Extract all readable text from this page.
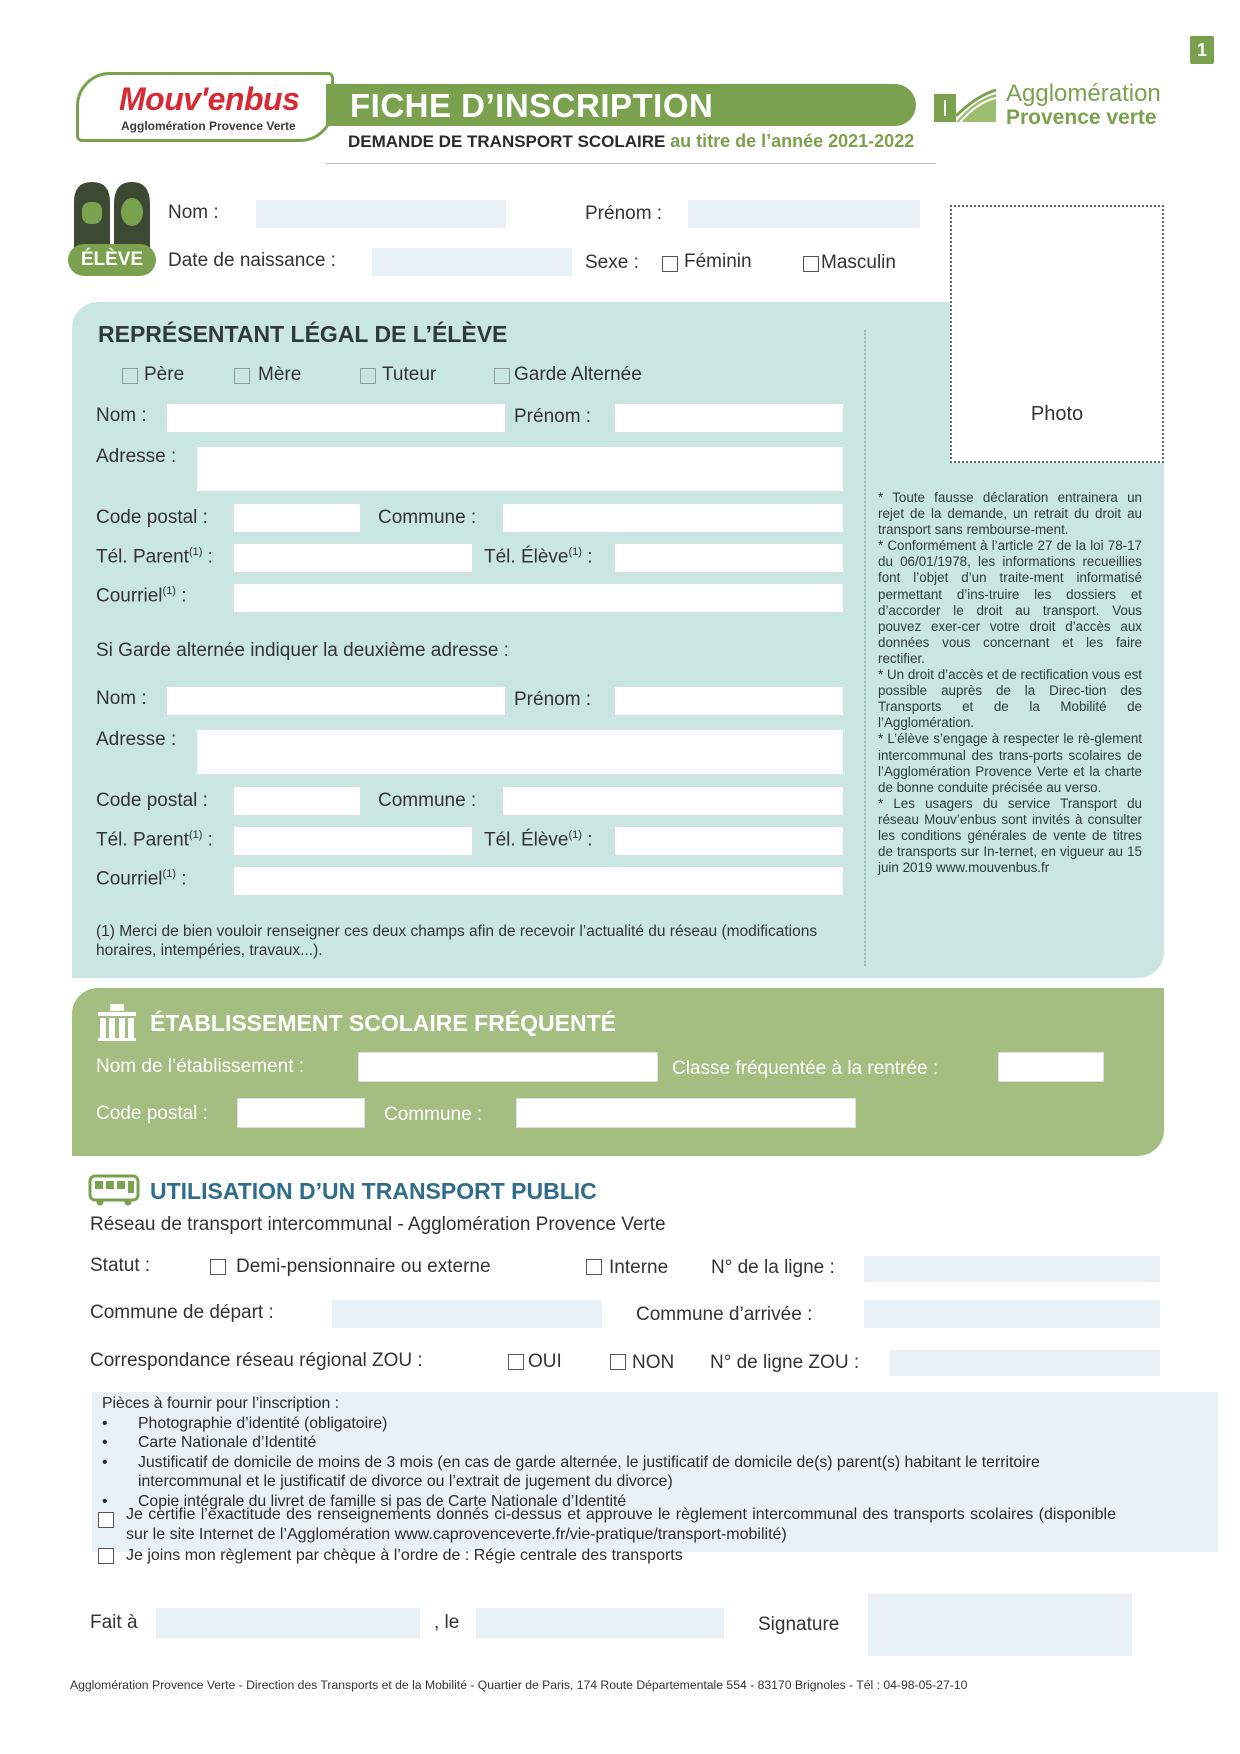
1
Mouv'enbus
Agglomération Provence Verte
FICHE D’INSCRIPTION
DEMANDE DE TRANSPORT SCOLAIRE au titre de l’année 2021-2022
Agglomération
Provence verte
ÉLÈVE
Nom :	Prénom :
Date de naissance :	Sexe : Féminin	Masculin
Photo
REPRÉSENTANT LÉGAL DE L’ÉLÈVE
Père	Mère	Tuteur	Garde Alternée
Nom :	Prénom :
Adresse :
Code postal :	Commune :
Tél. Parent$^{(1)}$ :	Tél. Élève$^{(1)}$ :
Courriel$^{(1)}$ :
Si Garde alternée indiquer la deuxième adresse :
Nom :	Prénom :
Adresse :
Code postal :	Commune :
Tél. Parent$^{(1)}$ :	Tél. Élève$^{(1)}$ :
Courriel$^{(1)}$ :
(1) Merci de bien vouloir renseigner ces deux champs afin de recevoir l’actualité du réseau (modifications horaires, intempéries, travaux...).

* Toute fausse déclaration entrainera un rejet de la demande, un retrait du droit au transport sans rembourse-ment.

* Conformément à l’article 27 de la loi 78-17 du 06/01/1978, les informations recueillies font l’objet d’un traite-ment informatisé permettant d’ins-truire les dossiers et d’accorder le droit au transport. Vous pouvez exer-cer votre droit d’accès aux données vous concernant et les faire rectifier.

* Un droit d’accès et de rectification vous est possible auprès de la Direc-tion des Transports et de la Mobilité de l’Agglomération.

* L’élève s’engage à respecter le rè-glement intercommunal des trans-ports scolaires de l’Agglomération Provence Verte et la charte de bonne conduite précisée au verso.

* Les usagers du service Transport du réseau Mouv’enbus sont invités à consulter les conditions générales de vente de titres de transports sur In-ternet, en vigueur au 15 juin 2019 www.mouvenbus.fr

ÉTABLISSEMENT SCOLAIRE FRÉQUENTÉ
Nom de l’établissement :	Classe fréquentée à la rentrée :
Code postal :	Commune :
UTILISATION D’UN TRANSPORT PUBLIC
Réseau de transport intercommunal - Agglomération Provence Verte
Statut :	Demi-pensionnaire ou externe	Interne N° de la ligne :
Commune de départ :	Commune d’arrivée :
Correspondance réseau régional ZOU :	OUI	NON N° de ligne ZOU :
Pièces à fournir pour l’inscription :
• Photographie d’identité (obligatoire)
• Carte Nationale d’Identité
• Justificatif de domicile de moins de 3 mois (en cas de garde alternée, le justificatif de domicile de(s) parent(s) habitant le territoire intercommunal et le justificatif de divorce ou l’extrait de jugement du divorce)
• Copie intégrale du livret de famille si pas de Carte Nationale d’Identité
Je certifie l’exactitude des renseignements donnés ci-dessus et approuve le règlement intercommunal des transports scolaires (disponible sur le site Internet de l’Agglomération www.caprovenceverte.fr/vie-pratique/transport-mobilité)
Je joins mon règlement par chèque à l’ordre de : Régie centrale des transports
Fait à	, le	Signature
Agglomération Provence Verte - Direction des Transports et de la Mobilité - Quartier de Paris, 174 Route Départementale 554 - 83170 Brignoles - Tél : 04-98-05-27-10
